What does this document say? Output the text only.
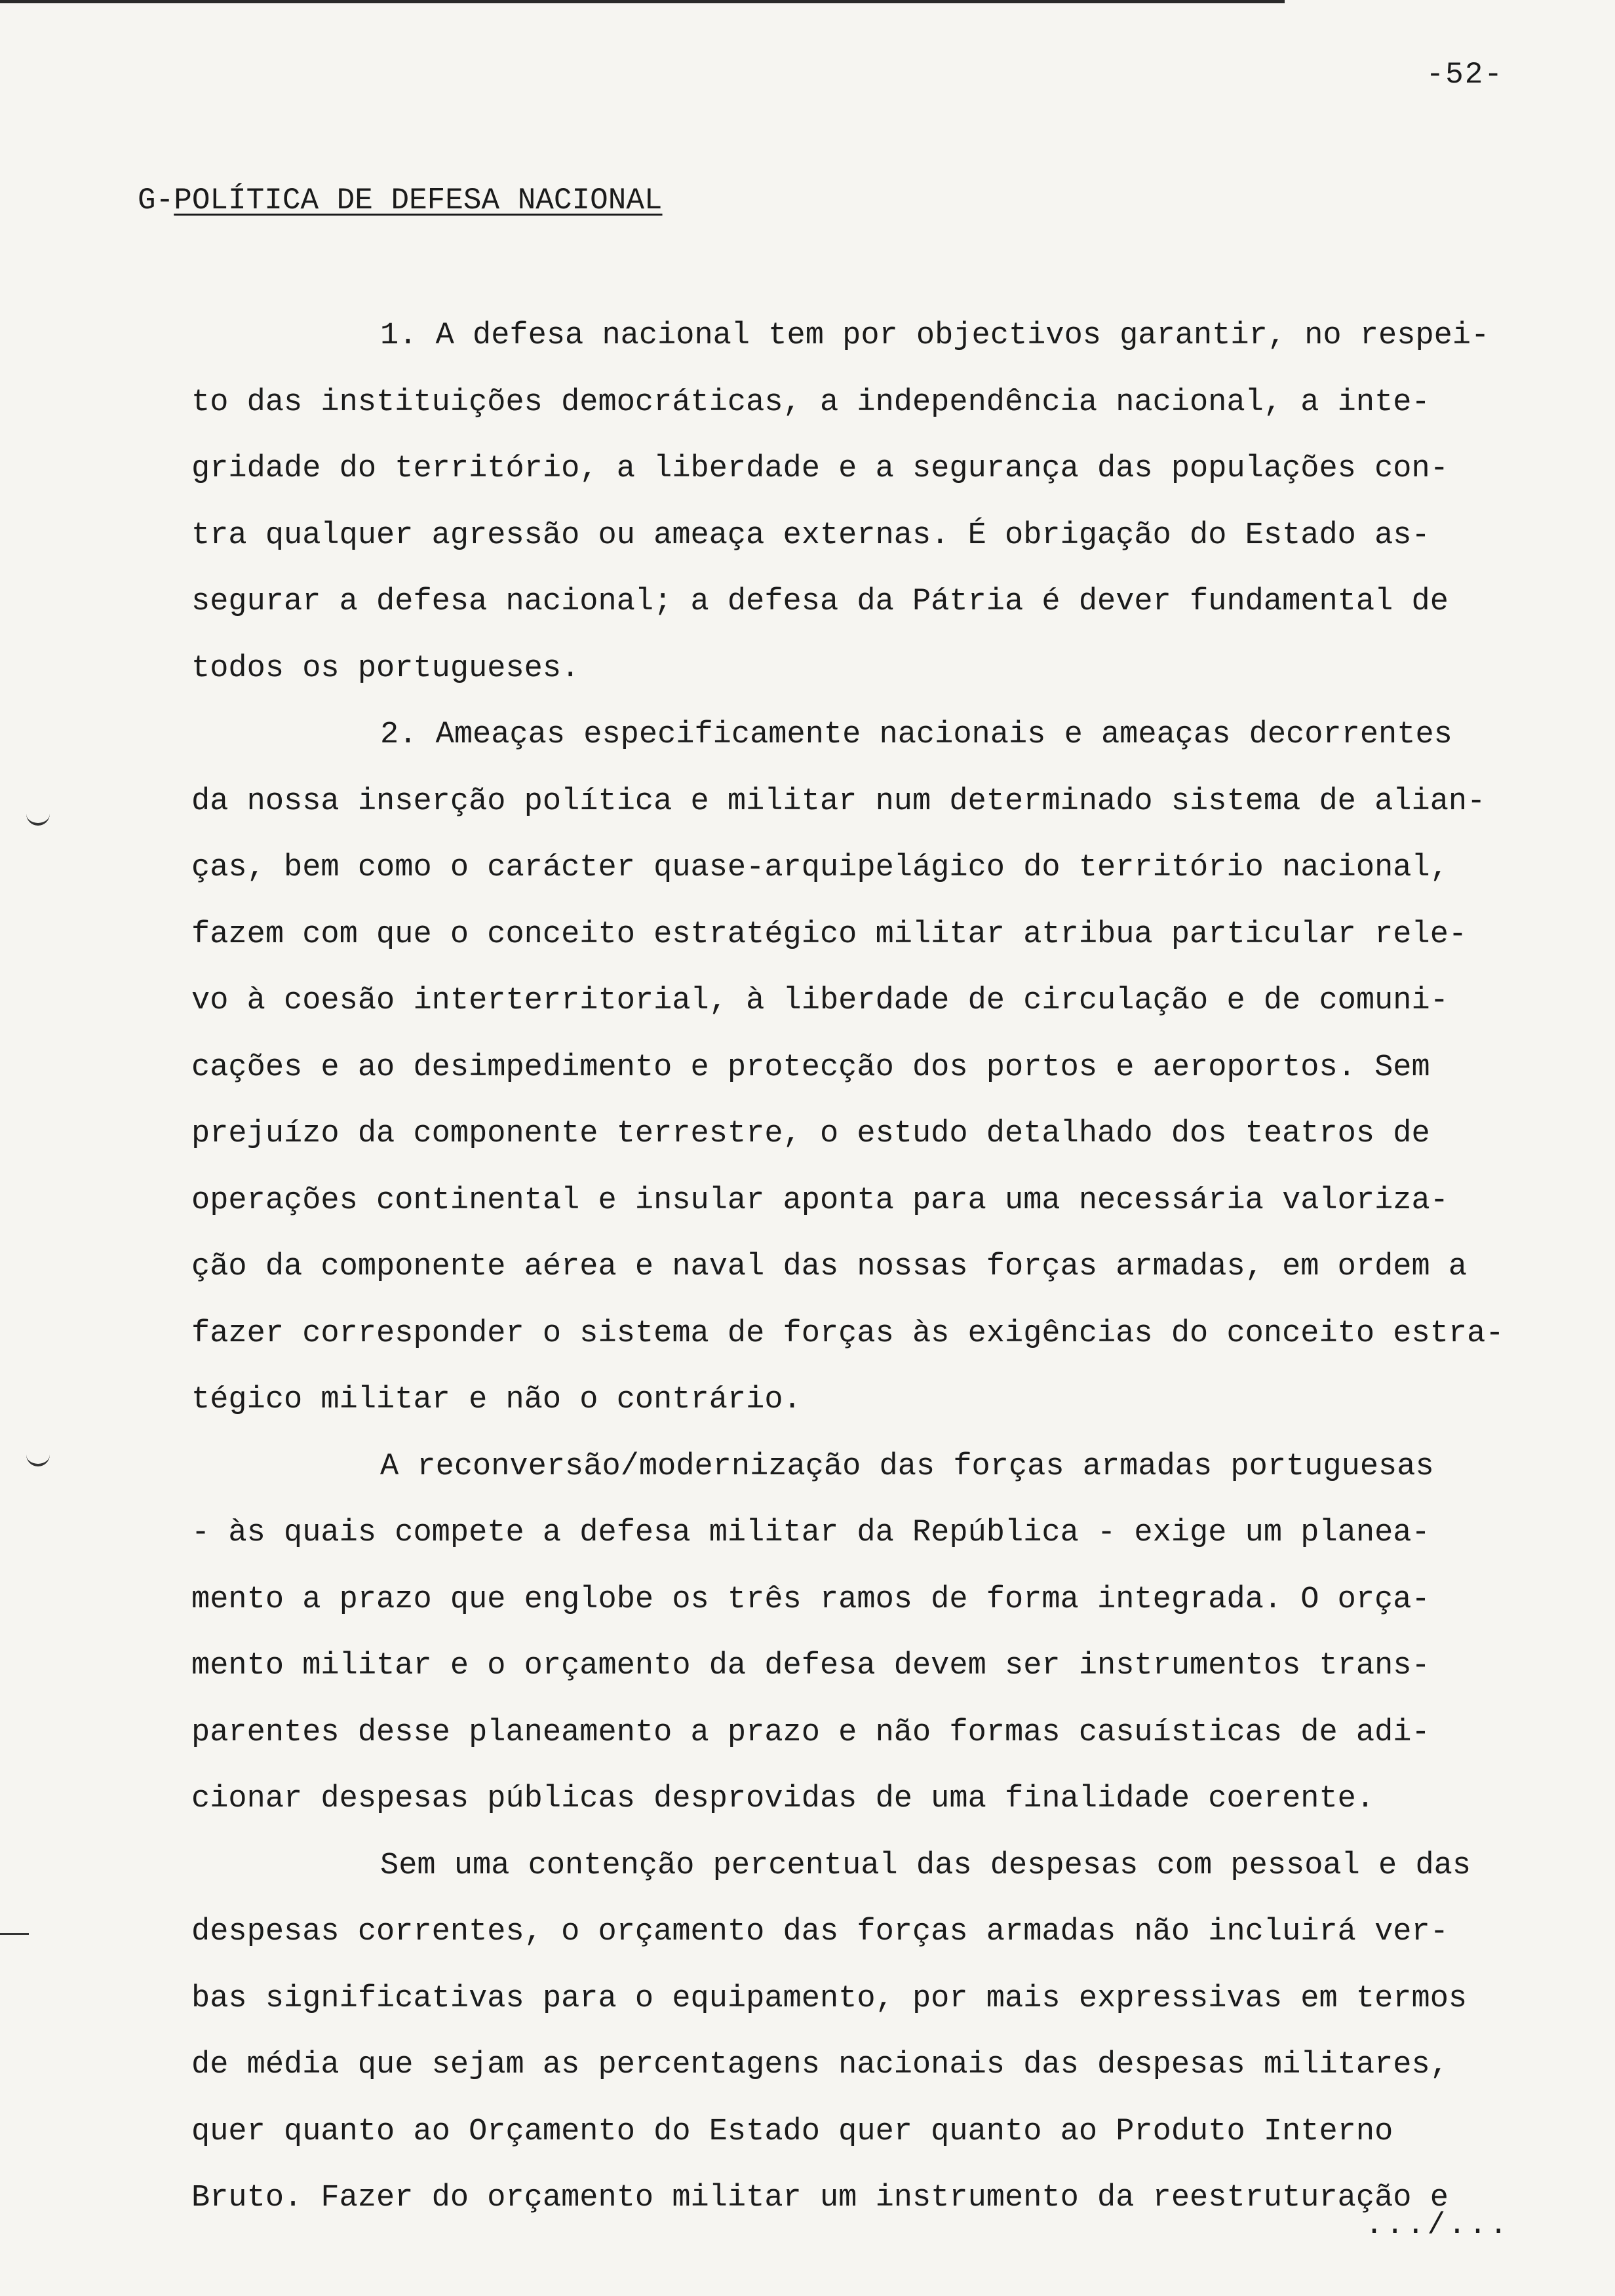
-52-
G-POLÍTICA DE DEFESA NACIONAL
1. A defesa nacional tem por objectivos garantir, no respei-
to das instituições democráticas, a independência nacional, a inte-
gridade do território, a liberdade e a segurança das populações con-
tra qualquer agressão ou ameaça externas. É obrigação do Estado as-
segurar a defesa nacional; a defesa da Pátria é dever fundamental de
todos os portugueses.
2. Ameaças especificamente nacionais e ameaças decorrentes
da nossa inserção política e militar num determinado sistema de alian-
ças, bem como o carácter quase-arquipelágico do território nacional,
fazem com que o conceito estratégico militar atribua particular rele-
vo à coesão interterritorial, à liberdade de circulação e de comuni-
cações e ao desimpedimento e protecção dos portos e aeroportos. Sem
prejuízo da componente terrestre, o estudo detalhado dos teatros de
operações continental e insular aponta para uma necessária valoriza-
ção da componente aérea e naval das nossas forças armadas, em ordem a
fazer corresponder o sistema de forças às exigências do conceito estra-
tégico militar e não o contrário.
A reconversão/modernização das forças armadas portuguesas
- às quais compete a defesa militar da República - exige um planea-
mento a prazo que englobe os três ramos de forma integrada. O orça-
mento militar e o orçamento da defesa devem ser instrumentos trans-
parentes desse planeamento a prazo e não formas casuísticas de adi-
cionar despesas públicas desprovidas de uma finalidade coerente.
Sem uma contenção percentual das despesas com pessoal e das
despesas correntes, o orçamento das forças armadas não incluirá ver-
bas significativas para o equipamento, por mais expressivas em termos
de média que sejam as percentagens nacionais das despesas militares,
quer quanto ao Orçamento do Estado quer quanto ao Produto Interno
Bruto. Fazer do orçamento militar um instrumento da reestruturação e
.../...
